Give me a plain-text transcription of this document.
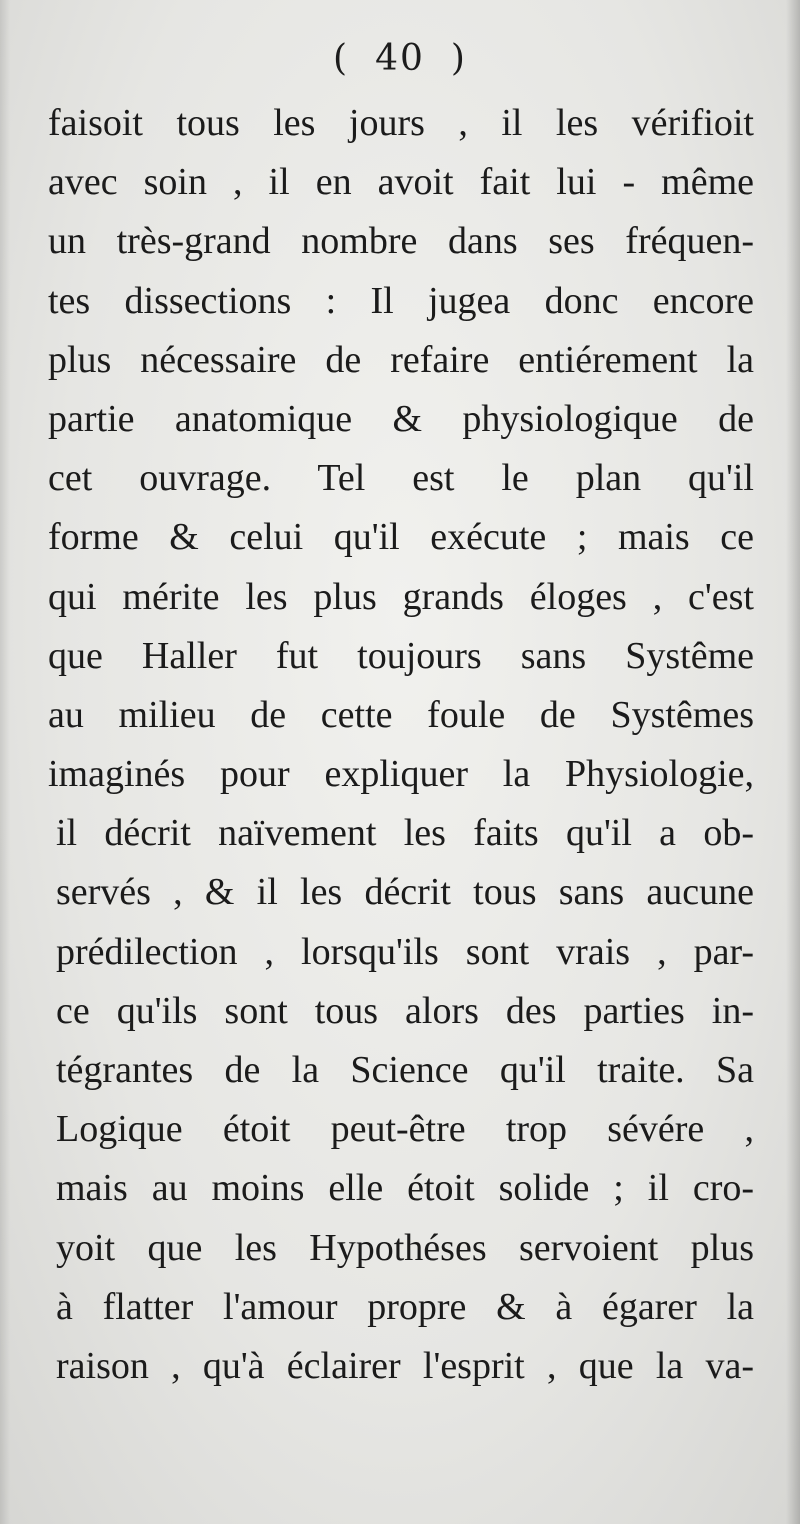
( 40 )
faisoit tous les jours , il les vérifioit
avec soin , il en avoit fait lui - même
un très-grand nombre dans ses fréquen-
tes dissections : Il jugea donc encore
plus nécessaire de refaire entiérement la
partie anatomique & physiologique de
cet ouvrage. Tel est le plan qu'il
forme & celui qu'il exécute ; mais ce
qui mérite les plus grands éloges , c'est
que Haller fut toujours sans Systême
au milieu de cette foule de Systêmes
imaginés pour expliquer la Physiologie,
il décrit naïvement les faits qu'il a ob-
servés , & il les décrit tous sans aucune
prédilection , lorsqu'ils sont vrais , par-
ce qu'ils sont tous alors des parties in-
tégrantes de la Science qu'il traite. Sa
Logique étoit peut-être trop sévére ,
mais au moins elle étoit solide ; il cro-
yoit que les Hypothéses servoient plus
à flatter l'amour propre & à égarer la
raison , qu'à éclairer l'esprit , que la va-
